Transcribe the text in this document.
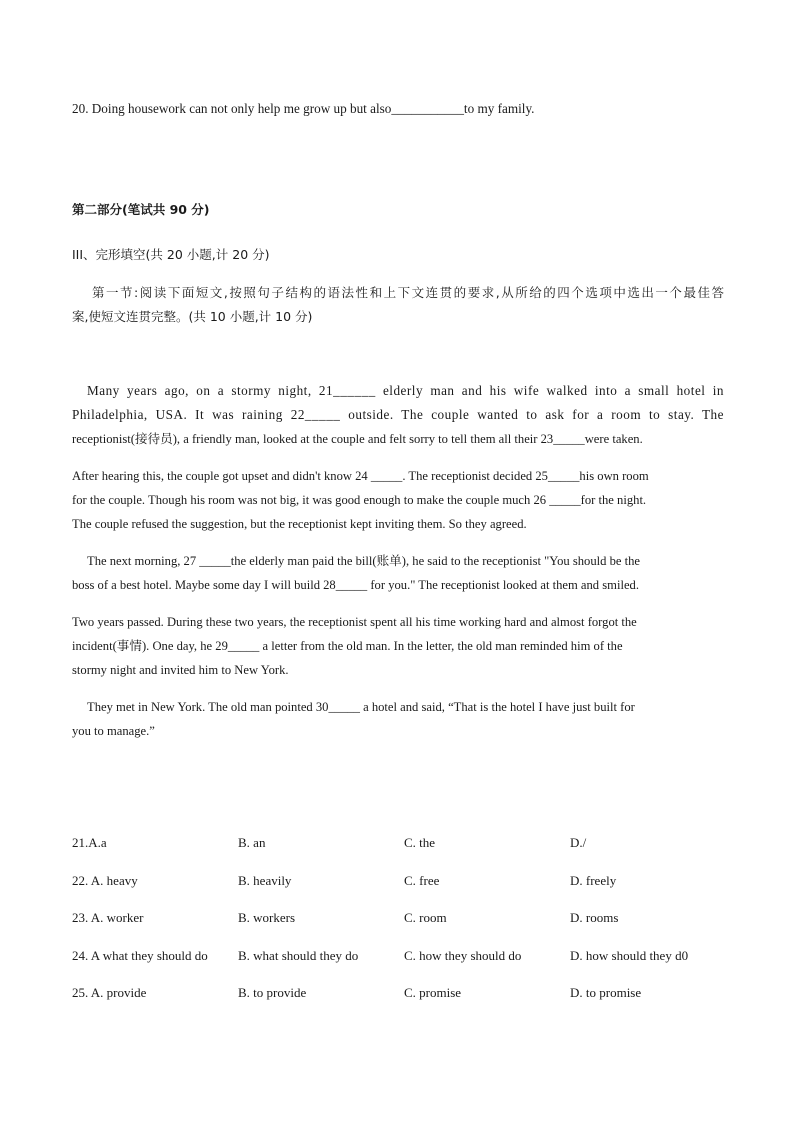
20. Doing housework can not only help me grow up but also___________to my family.
第二部分(笔试共 90 分)
III、完形填空(共 20 小题,计 20 分)
第一节:阅读下面短文,按照句子结构的语法性和上下文连贯的要求,从所给的四个选项中选出一个最佳答
案,使短文连贯完整。(共 10 小题,计 10 分)
Many years ago, on a stormy night, 21______ elderly man and his wife walked into a small hotel in
Philadelphia, USA. It was raining 22_____ outside. The couple wanted to ask for a room to stay. The
receptionist(接待员), a friendly man, looked at the couple and felt sorry to tell them all their 23_____were taken.
After hearing this, the couple got upset and didn't know 24 _____. The receptionist decided 25_____his own room
for the couple. Though his room was not big, it was good enough to make the couple much 26 _____for the night.
The couple refused the suggestion, but the receptionist kept inviting them. So they agreed.
The next morning, 27 _____the elderly man paid the bill(账单), he said to the receptionist "You should be the
boss of a best hotel. Maybe some day I will build 28_____ for you." The receptionist looked at them and smiled.
Two years passed. During these two years, the receptionist spent all his time working hard and almost forgot the
incident(事情). One day, he 29_____ a letter from the old man. In the letter, the old man reminded him of the
stormy night and invited him to New York.
They met in New York. The old man pointed 30_____ a hotel and said, “That is the hotel I have just built for
you to manage.”
21.A.a	B. an	C. the	D./
22. A. heavy	B. heavily	C. free	D. freely
23. A. worker	B. workers	C. room	D. rooms
24. A what they should do B. what should they do	C. how they should do	D. how should they d0
25. A. provide	B. to provide	C. promise	D. to promise
